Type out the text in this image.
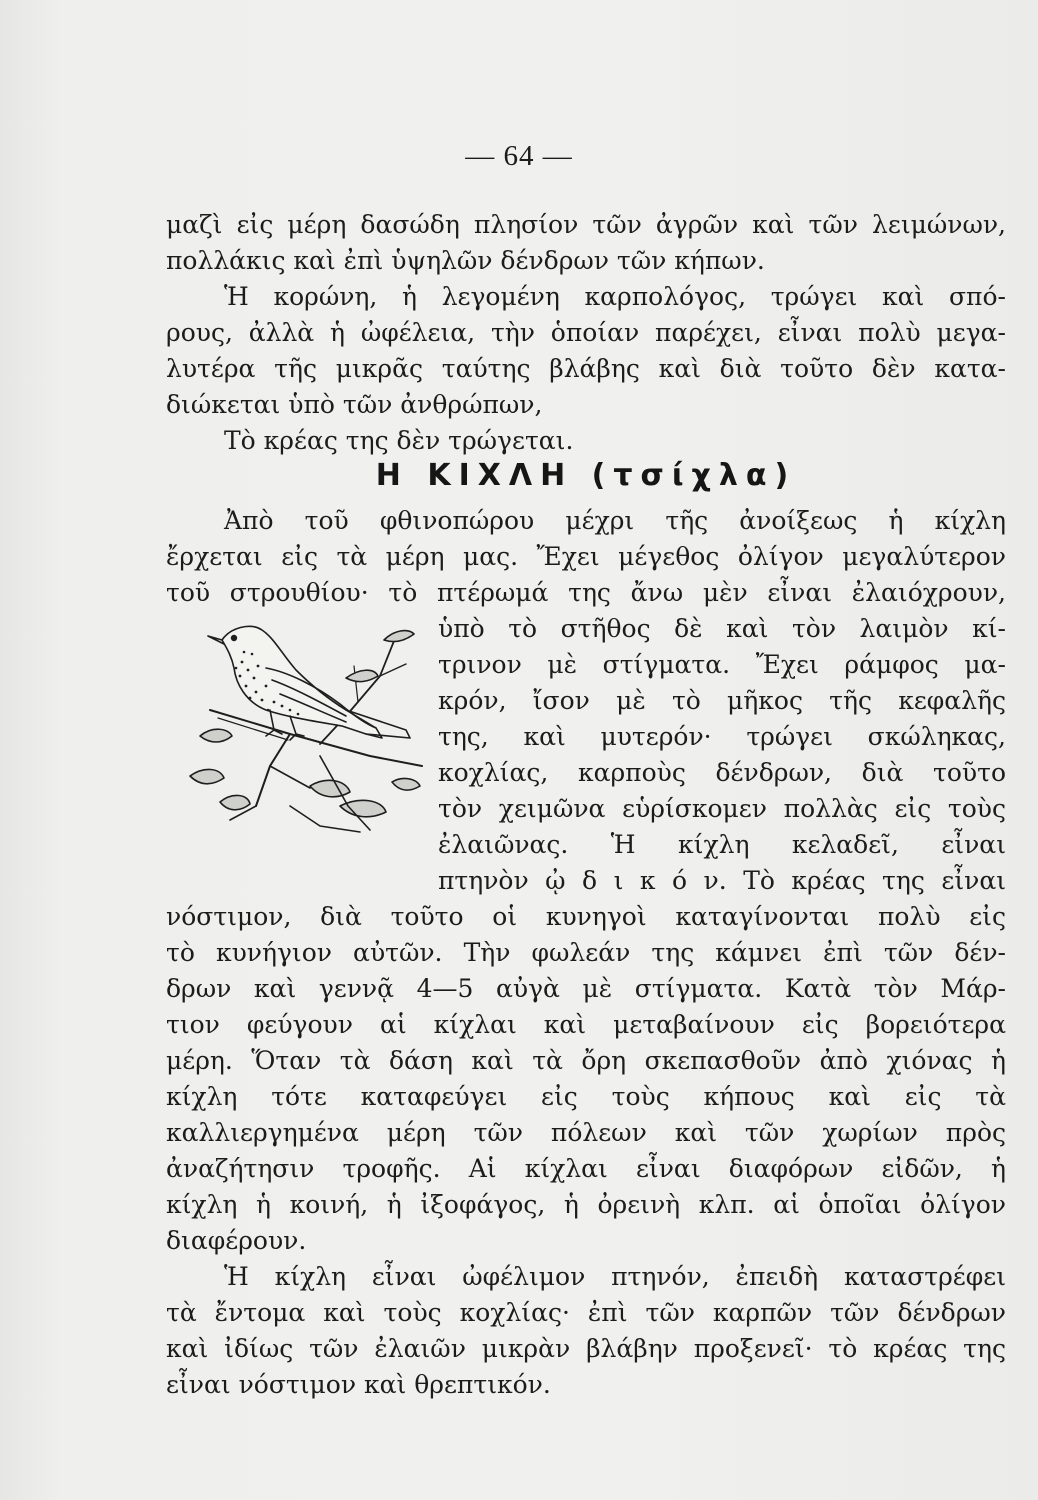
— 64 —
μαζὶ εἰς μέρη δασώδη πλησίον τῶν ἀγρῶν καὶ τῶν λειμώνων,
πολλάκις καὶ ἐπὶ ὑψηλῶν δένδρων τῶν κήπων.
Ἡ κορώνη, ἡ λεγομένη καρπολόγος, τρώγει καὶ σπό-
ρους, ἀλλὰ ἡ ὠφέλεια, τὴν ὁποίαν παρέχει, εἶναι πολὺ μεγα-
λυτέρα τῆς μικρᾶς ταύτης βλάβης καὶ διὰ τοῦτο δὲν κατα-
διώκεται ὑπὸ τῶν ἀνθρώπων,
Τὸ κρέας της δὲν τρώγεται.
Ἀπὸ τοῦ φθινοπώρου μέχρι τῆς ἀνοίξεως ἡ κίχλη
ἔρχεται εἰς τὰ μέρη μας. Ἔχει μέγεθος ὀλίγον μεγαλύτερον
τοῦ στρουθίου· τὸ πτέρωμά της ἄνω μὲν εἶναι ἐλαιόχρουν,
ὑπὸ τὸ στῆθος δὲ καὶ τὸν λαιμὸν κί-
τρινον μὲ στίγματα. Ἔχει ράμφος μα-
κρόν, ἴσον μὲ τὸ μῆκος τῆς κεφαλῆς
της, καὶ μυτερόν· τρώγει σκώληκας,
κοχλίας, καρποὺς δένδρων, διὰ τοῦτο
τὸν χειμῶνα εὑρίσκομεν πολλὰς εἰς τοὺς
ἐλαιῶνας. Ἡ κίχλη κελαδεῖ, εἶναι
πτηνὸν ᾠ δ ι κ ό ν. Τὸ κρέας της εἶναι
νόστιμον, διὰ τοῦτο οἱ κυνηγοὶ καταγίνονται πολὺ εἰς
τὸ κυνήγιον αὐτῶν. Τὴν φωλεάν της κάμνει ἐπὶ τῶν δέν-
δρων καὶ γεννᾷ 4—5 αὐγὰ μὲ στίγματα. Κατὰ τὸν Μάρ-
τιον φεύγουν αἱ κίχλαι καὶ μεταβαίνουν εἰς βορειότερα
μέρη. Ὅταν τὰ δάση καὶ τὰ ὄρη σκεπασθοῦν ἀπὸ χιόνας ἡ
κίχλη τότε καταφεύγει εἰς τοὺς κήπους καὶ εἰς τὰ
καλλιεργημένα μέρη τῶν πόλεων καὶ τῶν χωρίων πρὸς
ἀναζήτησιν τροφῆς. Αἱ κίχλαι εἶναι διαφόρων εἰδῶν, ἡ
κίχλη ἡ κοινή, ἡ ἰξοφάγος, ἡ ὀρεινὴ κλπ. αἱ ὁποῖαι ὀλίγον
διαφέρουν.
Ἡ κίχλη εἶναι ὠφέλιμον πτηνόν, ἐπειδὴ καταστρέφει
τὰ ἔντομα καὶ τοὺς κοχλίας· ἐπὶ τῶν καρπῶν τῶν δένδρων
καὶ ἰδίως τῶν ἐλαιῶν μικρὰν βλάβην προξενεῖ· τὸ κρέας της
εἶναι νόστιμον καὶ θρεπτικόν.
Η ΚΙΧΛΗ (τσίχλα)
